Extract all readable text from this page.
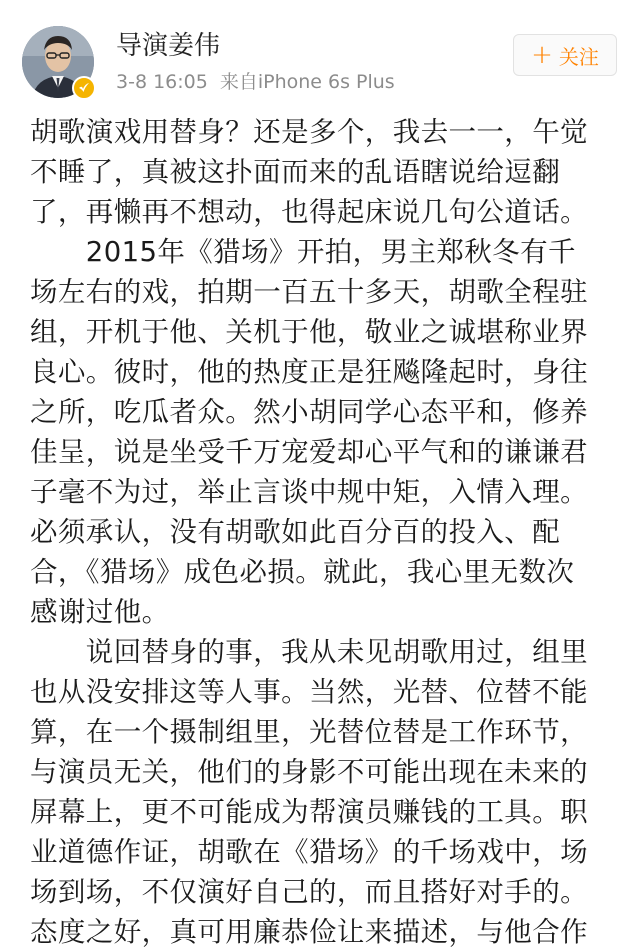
导演姜伟
3-8 16:05 来自iPhone 6s Plus
+ 关注
胡歌演戏用替身？还是多个，我去一一，午觉
不睡了，真被这扑面而来的乱语瞎说给逗翻
了，再懒再不想动，也得起床说几句公道话。
　　2015年《猎场》开拍，男主郑秋冬有千
场左右的戏，拍期一百五十多天，胡歌全程驻
组，开机于他、关机于他，敬业之诚堪称业界
良心。彼时，他的热度正是狂飚隆起时，身往
之所，吃瓜者众。然小胡同学心态平和，修养
佳呈，说是坐受千万宠爱却心平气和的谦谦君
子毫不为过，举止言谈中规中矩，入情入理。
必须承认，没有胡歌如此百分百的投入、配
合，《猎场》成色必损。就此，我心里无数次
感谢过他。
　　说回替身的事，我从未见胡歌用过，组里
也从没安排这等人事。当然，光替、位替不能
算，在一个摄制组里，光替位替是工作环节，
与演员无关，他们的身影不可能出现在未来的
屏幕上，更不可能成为帮演员赚钱的工具。职
业道德作证，胡歌在《猎场》的千场戏中，场
场到场，不仅演好自己的，而且搭好对手的。
态度之好，真可用廉恭俭让来描述，与他合作
